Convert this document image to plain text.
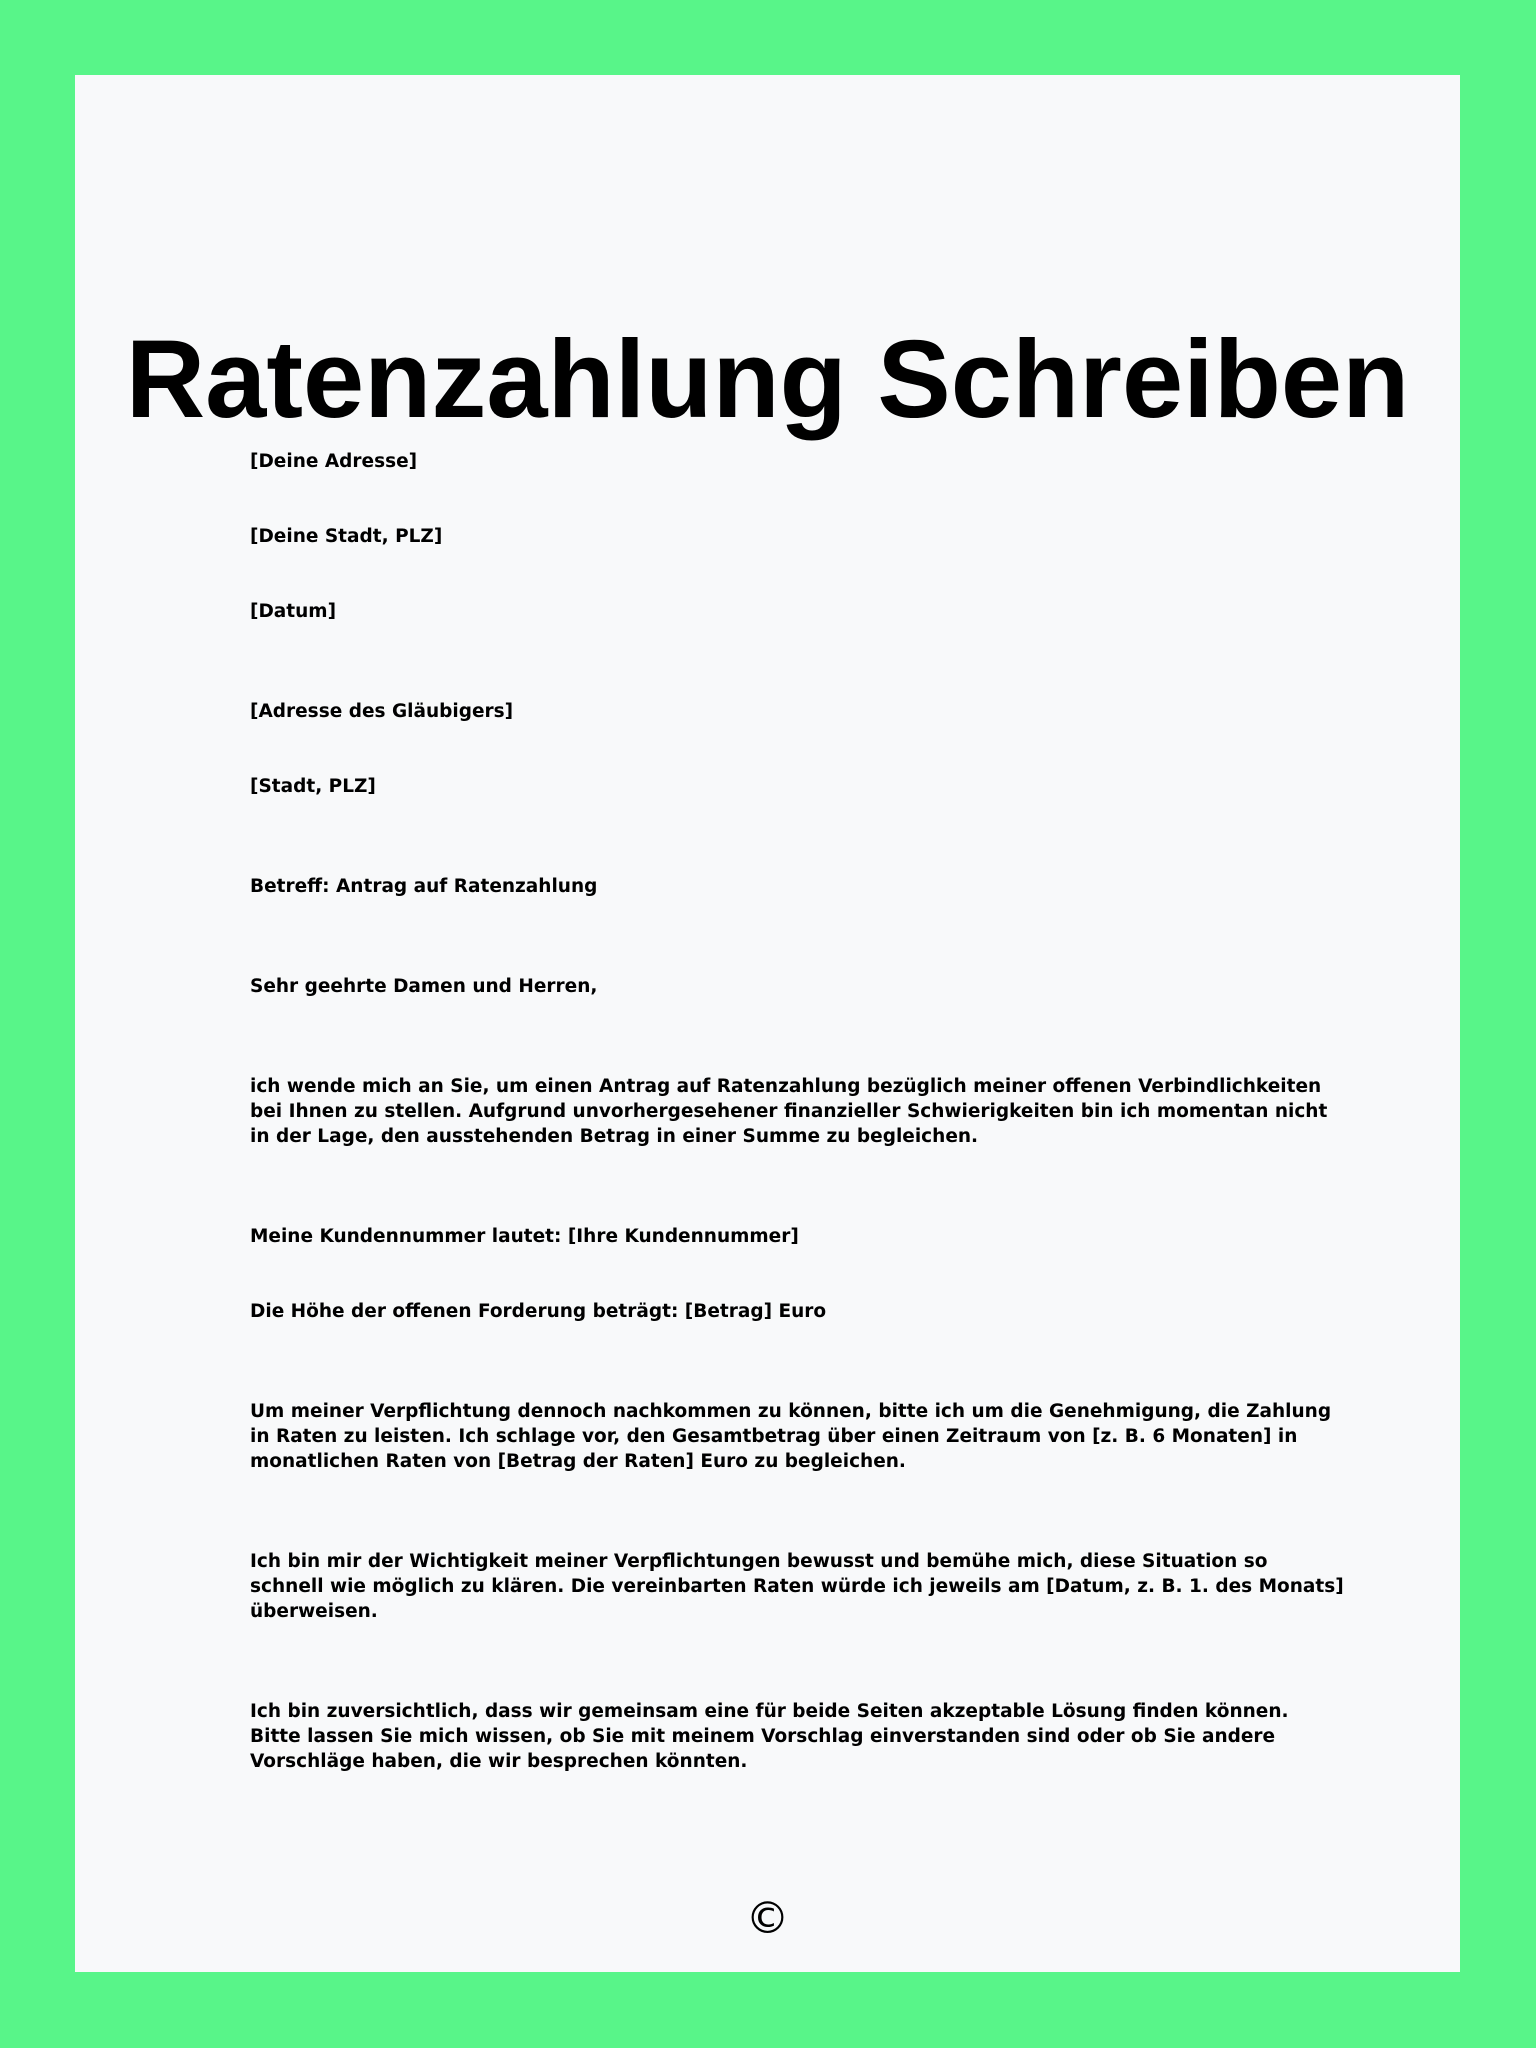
Ratenzahlung Schreiben

[Deine Adresse]

[Deine Stadt, PLZ]

[Datum]

[Adresse des Gläubigers]

[Stadt, PLZ]

Betreff: Antrag auf Ratenzahlung

Sehr geehrte Damen und Herren,

ich wende mich an Sie, um einen Antrag auf Ratenzahlung bezüglich meiner offenen Verbindlichkeiten bei Ihnen zu stellen. Aufgrund unvorhergesehener finanzieller Schwierigkeiten bin ich momentan nicht in der Lage, den ausstehenden Betrag in einer Summe zu begleichen.

Meine Kundennummer lautet: [Ihre Kundennummer]

Die Höhe der offenen Forderung beträgt: [Betrag] Euro

Um meiner Verpflichtung dennoch nachkommen zu können, bitte ich um die Genehmigung, die Zahlung in Raten zu leisten. Ich schlage vor, den Gesamtbetrag über einen Zeitraum von [z. B. 6 Monaten] in monatlichen Raten von [Betrag der Raten] Euro zu begleichen.

Ich bin mir der Wichtigkeit meiner Verpflichtungen bewusst und bemühe mich, diese Situation so schnell wie möglich zu klären. Die vereinbarten Raten würde ich jeweils am [Datum, z. B. 1. des Monats] überweisen.

Ich bin zuversichtlich, dass wir gemeinsam eine für beide Seiten akzeptable Lösung finden können. Bitte lassen Sie mich wissen, ob Sie mit meinem Vorschlag einverstanden sind oder ob Sie andere Vorschläge haben, die wir besprechen könnten.

©
